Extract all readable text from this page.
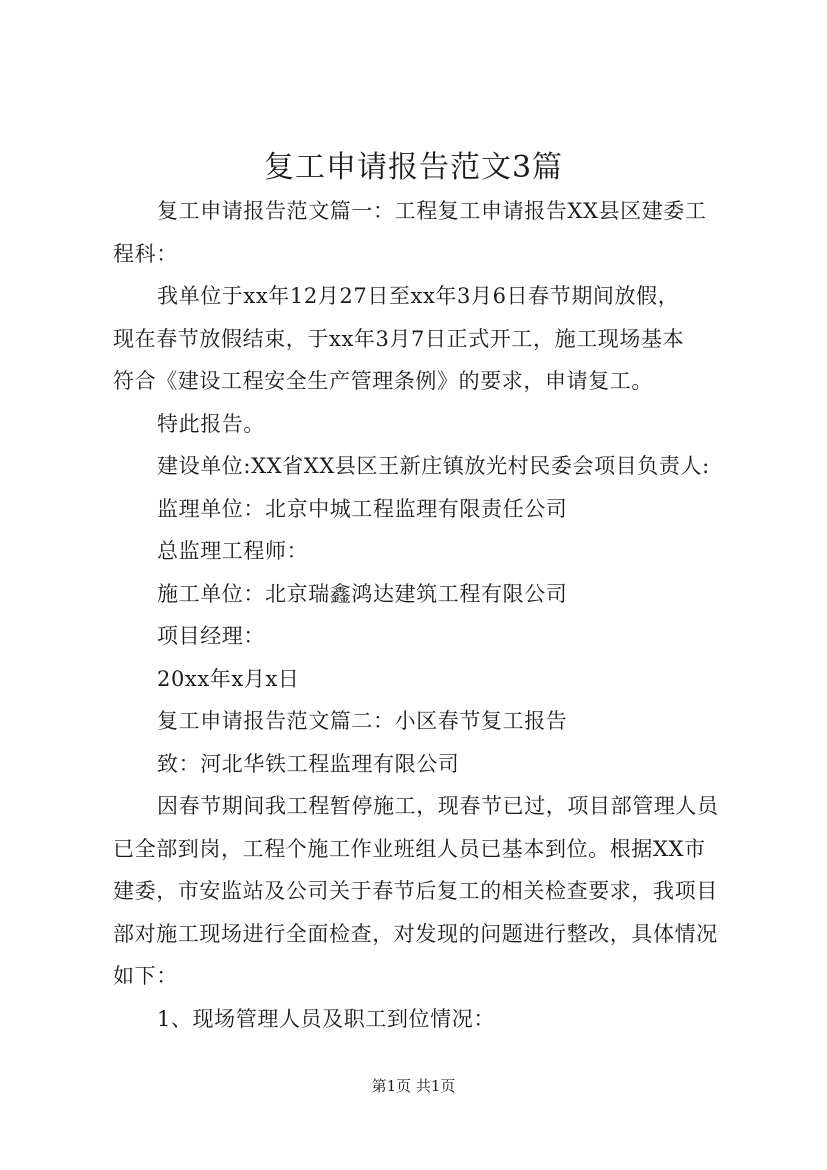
复工申请报告范文3篇

复工申请报告范文篇一：工程复工申请报告XX县区建委工

程科：

我单位于xx年12月27日至xx年3月6日春节期间放假，

现在春节放假结束，于xx年3月7日正式开工，施工现场基本

符合《建设工程安全生产管理条例》的要求，申请复工。

特此报告。

建设单位:XX省XX县区王新庄镇放光村民委会项目负责人:

监理单位：北京中城工程监理有限责任公司

总监理工程师：

施工单位：北京瑞鑫鸿达建筑工程有限公司

项目经理：

20xx年x月x日

复工申请报告范文篇二：小区春节复工报告

致：河北华铁工程监理有限公司

因春节期间我工程暂停施工，现春节已过，项目部管理人员

已全部到岗，工程个施工作业班组人员已基本到位。根据XX市

建委，市安监站及公司关于春节后复工的相关检查要求，我项目

部对施工现场进行全面检查，对发现的问题进行整改，具体情况

如下：

1、现场管理人员及职工到位情况：

第1页 共1页
